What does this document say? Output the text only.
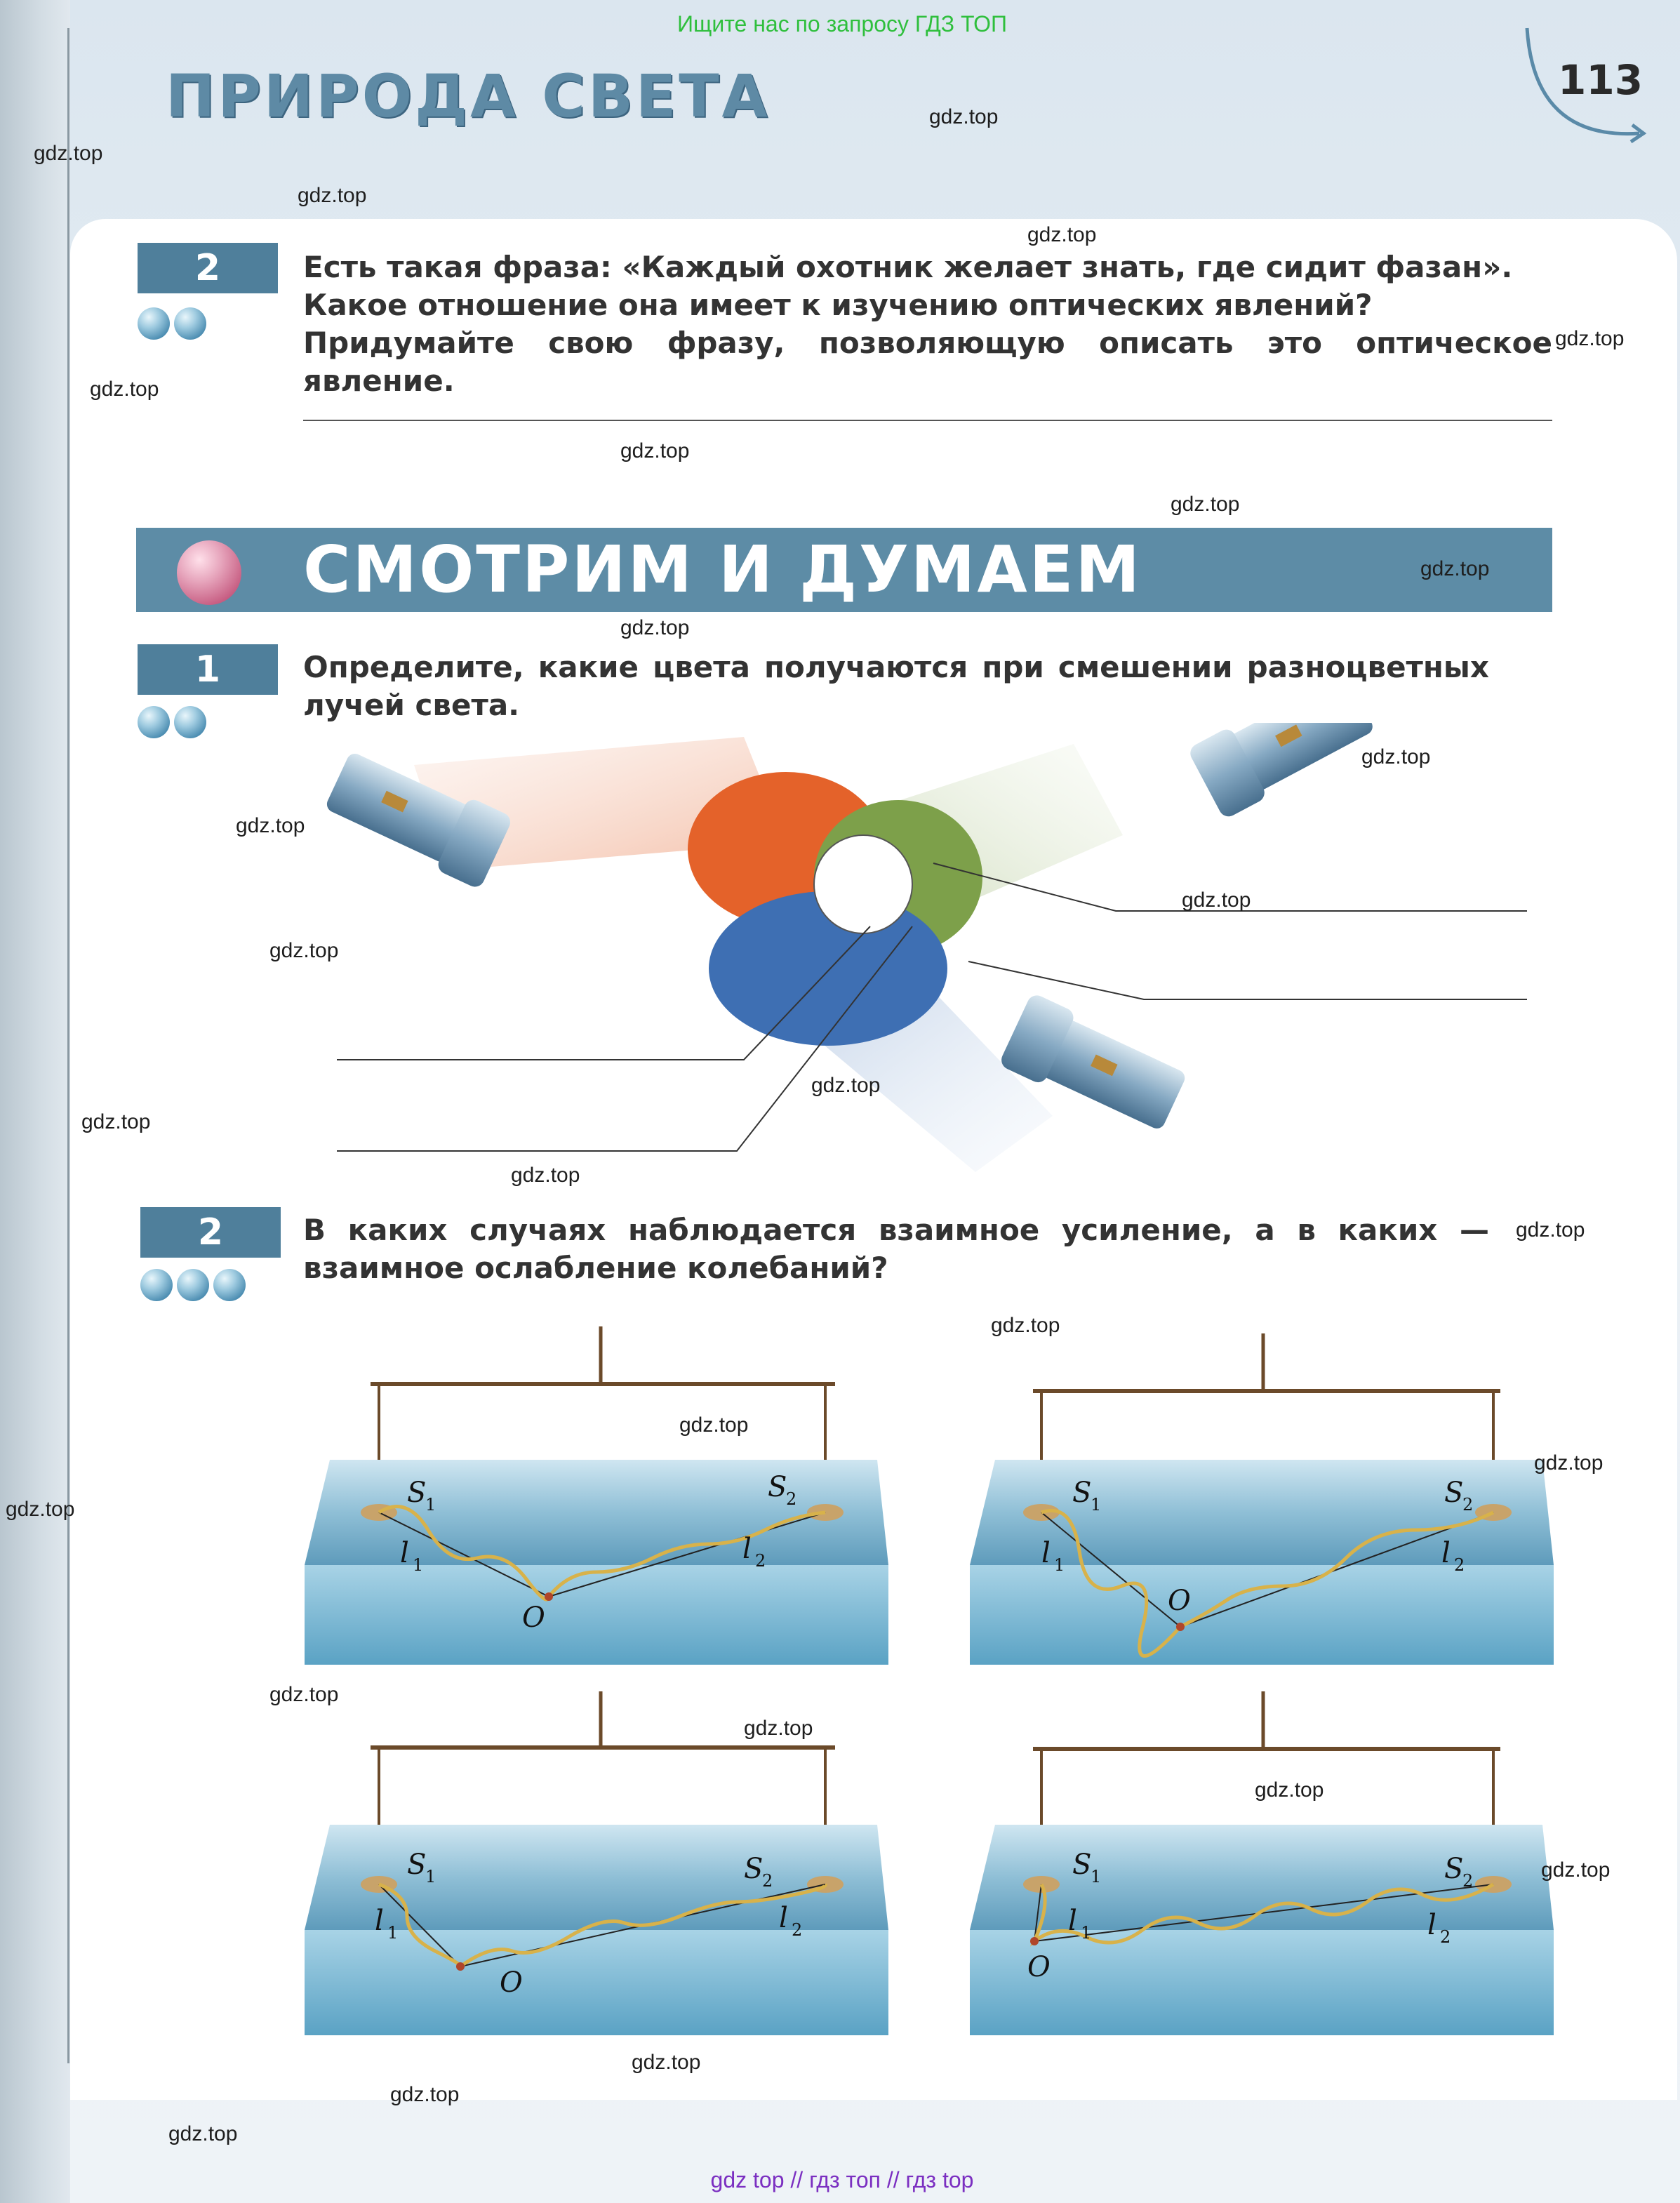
Ищите нас по запросу ГДЗ ТОП
ПРИРОДА СВЕТА	113
2	Есть такая фраза: «Каждый охотник желает знать, где сидит фазан».
Какое отношение она имеет к изучению оптических явлений?
Придумайте свою фразу, позволяющую описать это оптическое явление.
СМОТРИМ И ДУМАЕМ
1	Определите, какие цвета получаются при смешении разноцветных лучей света.
2	В каких случаях наблюдается взаимное усиление, а в каких — взаимное ослабление колебаний?
S
1
S
2
l 1	l 2
O
S
1	S
2
l 1	l 2
O
S
1	S
2
l 1	l 2
O
S
1	S
2
l 1	l 2
O
gdz.top
gdz.top
gdz.top
gdz.top
gdz.top
gdz.top
gdz.top
gdz.top
gdz.top
gdz.top
gdz.top
gdz.top
gdz.top
gdz.top
gdz.top
gdz.top
gdz.top
gdz.top
gdz.top
gdz.top
gdz.top
gdz.top
gdz.top
gdz.top
gdz.top
gdz.top
gdz.top
gdz.top
gdz.top
gdz top // гдз топ // гдз top
